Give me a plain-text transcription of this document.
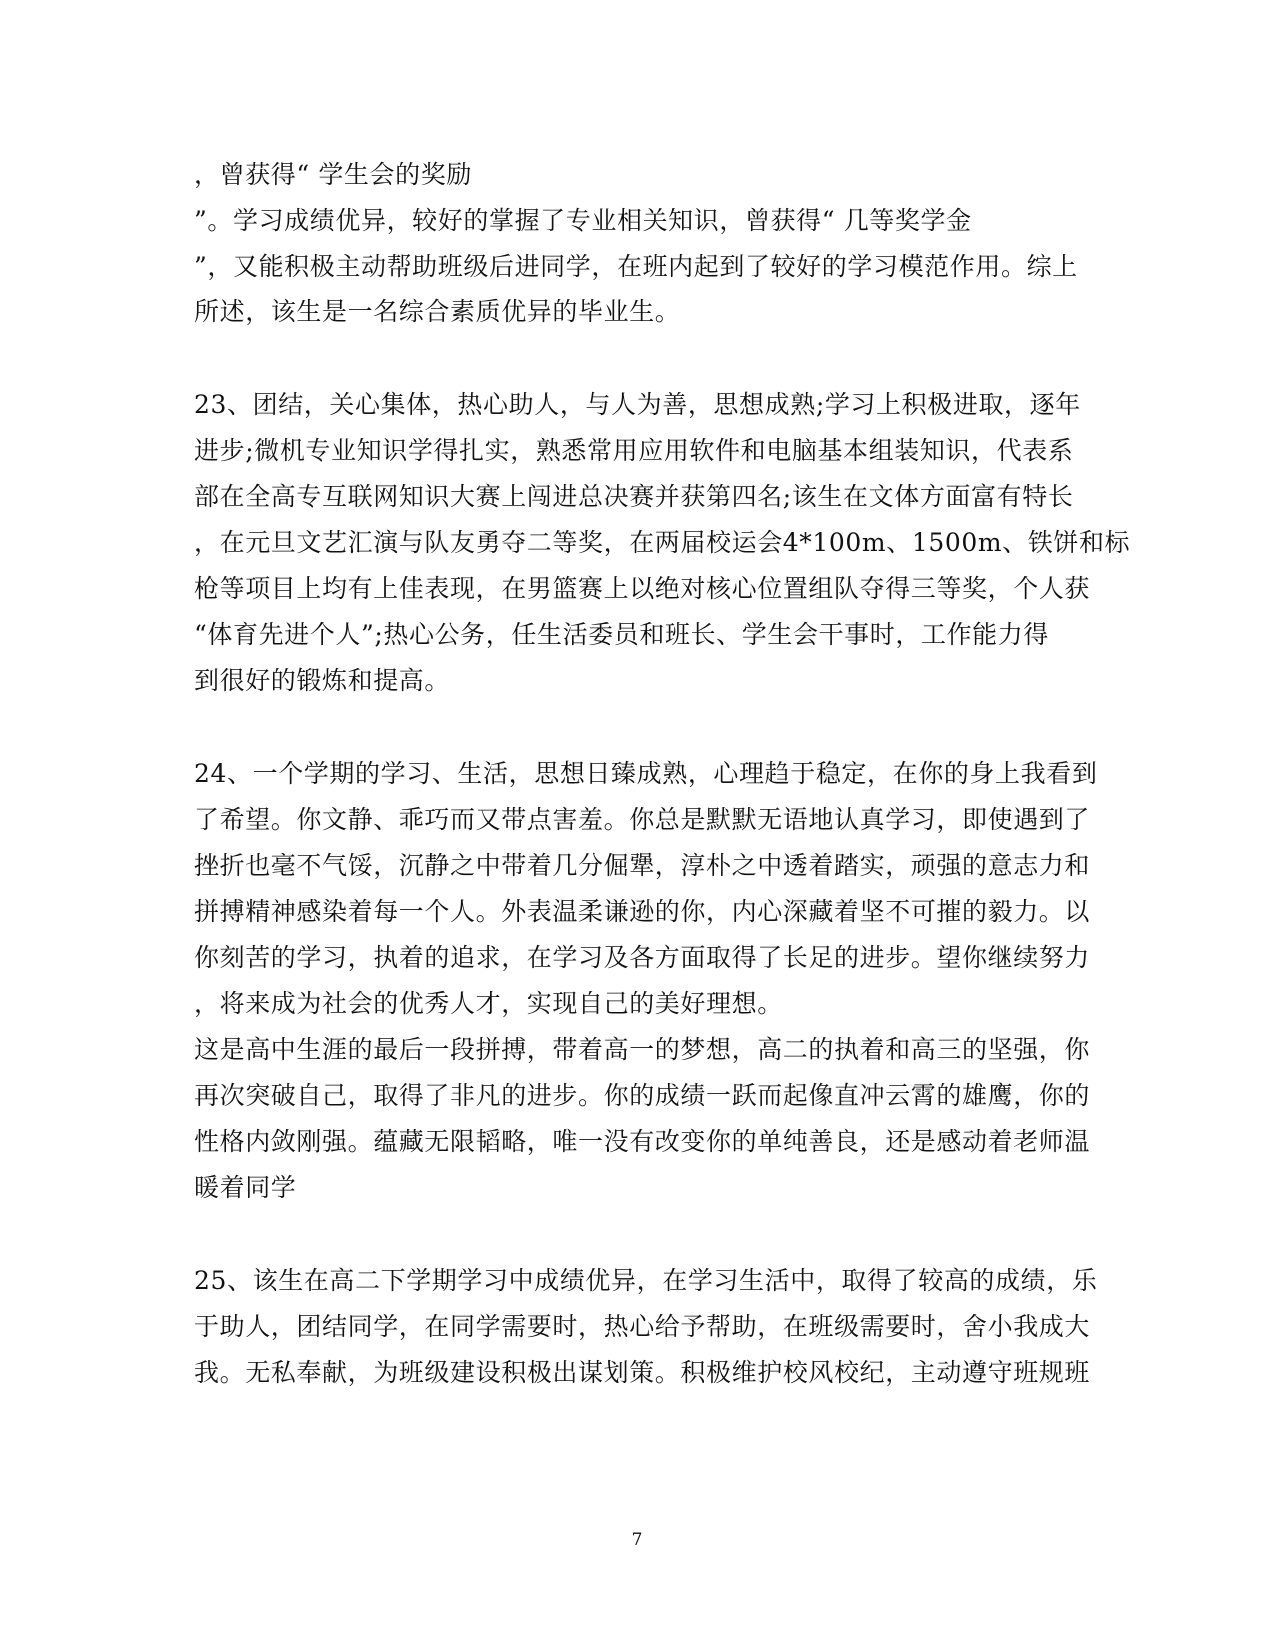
，曾获得“ 学生会的奖励

”。学习成绩优异，较好的掌握了专业相关知识，曾获得“ 几等奖学金

”，又能积极主动帮助班级后进同学，在班内起到了较好的学习模范作用。综上

所述，该生是一名综合素质优异的毕业生。

23、团结，关心集体，热心助人，与人为善，思想成熟;学习上积极进取，逐年

进步;微机专业知识学得扎实，熟悉常用应用软件和电脑基本组装知识，代表系

部在全高专互联网知识大赛上闯进总决赛并获第四名;该生在文体方面富有特长

，在元旦文艺汇演与队友勇夺二等奖，在两届校运会4*100m、1500m、铁饼和标

枪等项目上均有上佳表现，在男篮赛上以绝对核心位置组队夺得三等奖，个人获

“体育先进个人”;热心公务，任生活委员和班长、学生会干事时，工作能力得

到很好的锻炼和提高。

24、一个学期的学习、生活，思想日臻成熟，心理趋于稳定，在你的身上我看到

了希望。你文静、乖巧而又带点害羞。你总是默默无语地认真学习，即使遇到了

挫折也毫不气馁，沉静之中带着几分倔犟，淳朴之中透着踏实，顽强的意志力和

拼搏精神感染着每一个人。外表温柔谦逊的你，内心深藏着坚不可摧的毅力。以

你刻苦的学习，执着的追求，在学习及各方面取得了长足的进步。望你继续努力

，将来成为社会的优秀人才，实现自己的美好理想。

这是高中生涯的最后一段拼搏，带着高一的梦想，高二的执着和高三的坚强，你

再次突破自己，取得了非凡的进步。你的成绩一跃而起像直冲云霄的雄鹰，你的

性格内敛刚强。蕴藏无限韬略，唯一没有改变你的单纯善良，还是感动着老师温

暖着同学

25、该生在高二下学期学习中成绩优异，在学习生活中，取得了较高的成绩，乐

于助人，团结同学，在同学需要时，热心给予帮助，在班级需要时，舍小我成大

我。无私奉献，为班级建设积极出谋划策。积极维护校风校纪，主动遵守班规班

7
